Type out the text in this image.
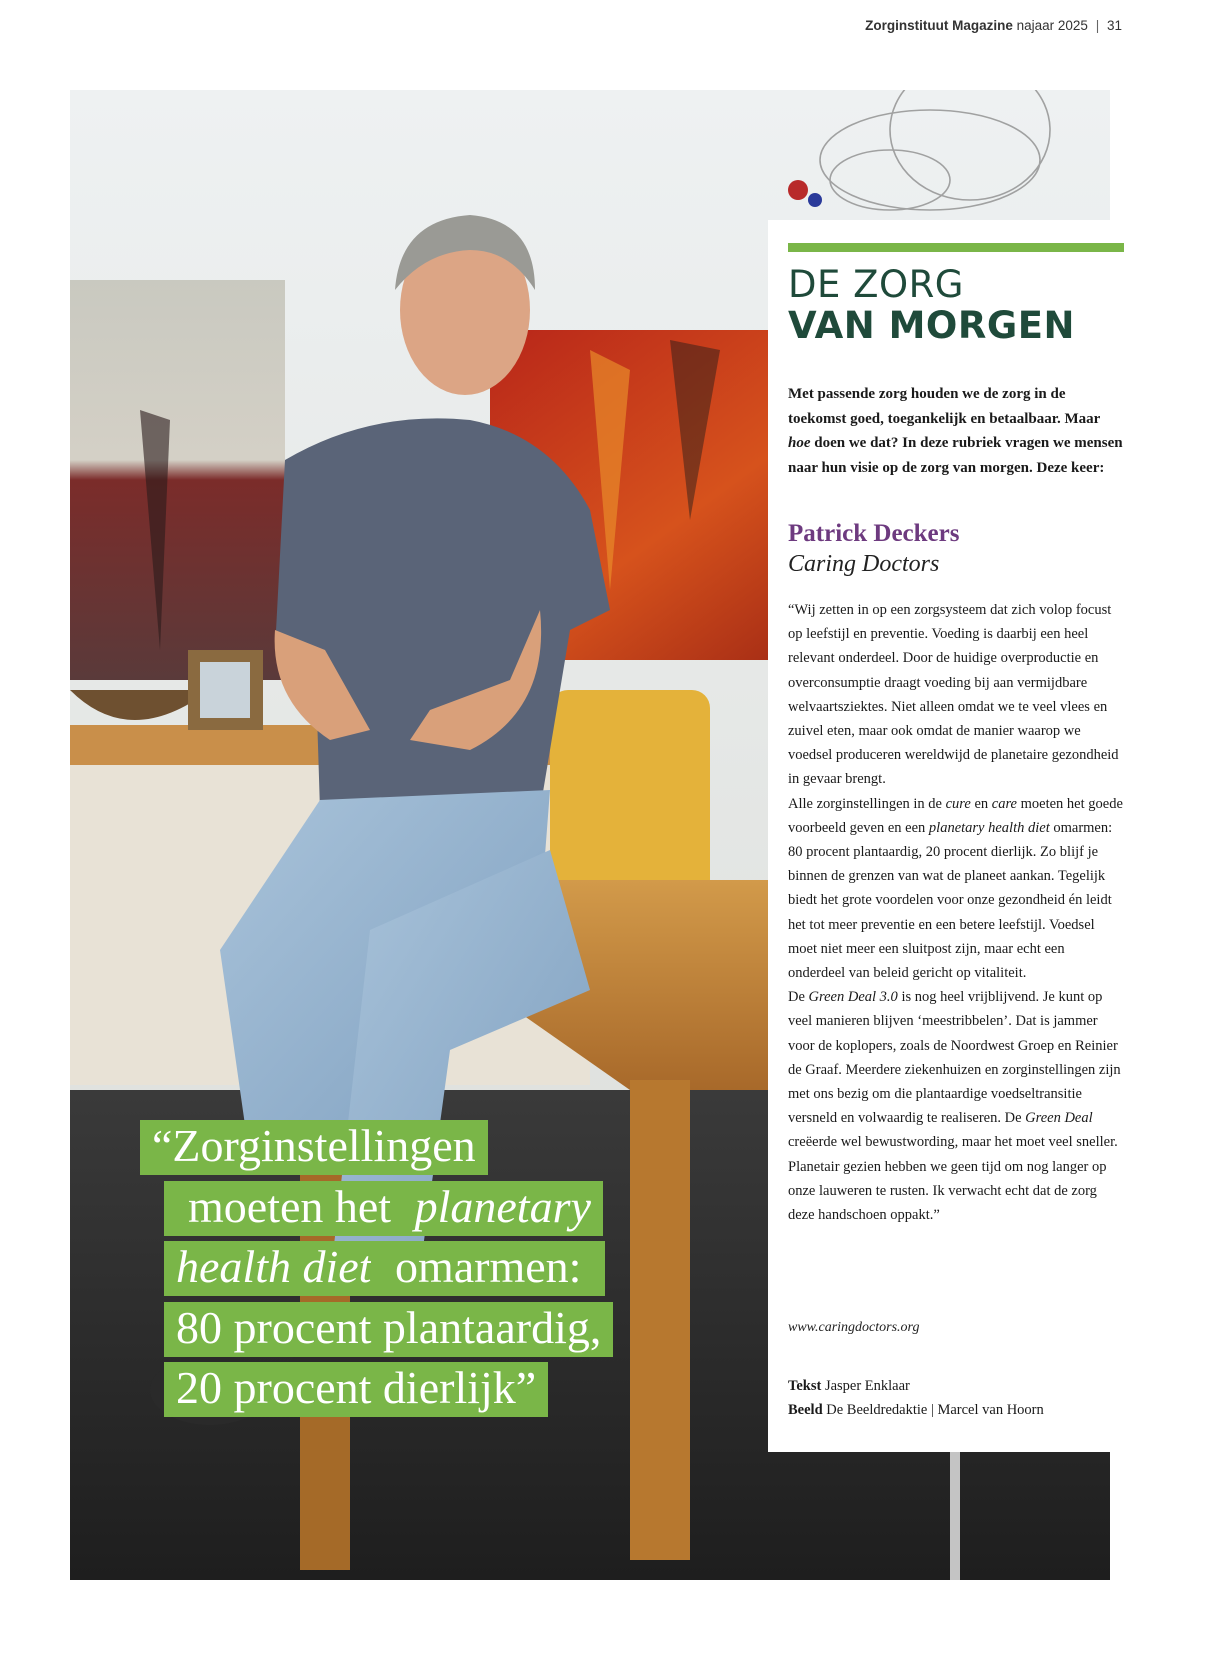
Zorginstituut Magazine najaar 2025 | 31
DE ZORG
VAN MORGEN
Met passende zorg houden we de zorg in de toekomst goed, toegankelijk en betaalbaar. Maar hoe doen we dat? In deze rubriek vragen we mensen naar hun visie op de zorg van morgen. Deze keer:
Patrick Deckers
Caring Doctors

“Wij zetten in op een zorgsysteem dat zich volop focust op leefstijl en preventie. Voeding is daarbij een heel relevant onderdeel. Door de huidige overproductie en overconsumptie draagt voeding bij aan vermijdbare welvaartsziektes. Niet alleen omdat we te veel vlees en zuivel eten, maar ook omdat de manier waarop we voedsel produceren wereldwijd de planetaire gezondheid in gevaar brengt.

Alle zorginstellingen in de cure en care moeten het goede voorbeeld geven en een planetary health diet omarmen: 80 procent plantaardig, 20 procent dierlijk. Zo blijf je binnen de grenzen van wat de planeet aankan. Tegelijk biedt het grote voordelen voor onze gezondheid én leidt het tot meer preventie en een betere leefstijl. Voedsel moet niet meer een sluitpost zijn, maar echt een onderdeel van beleid gericht op vitaliteit.

De Green Deal 3.0 is nog heel vrijblijvend. Je kunt op veel manieren blijven ‘meestribbelen’. Dat is jammer voor de koplopers, zoals de Noordwest Groep en Reinier de Graaf. Meerdere ziekenhuizen en zorginstellingen zijn met ons bezig om die plantaardige voedseltransitie versneld en volwaardig te realiseren. De Green Deal creëerde wel bewustwording, maar het moet veel sneller. Planetair gezien hebben we geen tijd om nog langer op onze lauweren te rusten. Ik verwacht echt dat de zorg deze handschoen oppakt.”

www.caringdoctors.org
Tekst Jasper Enklaar
Beeld De Beeldredaktie | Marcel van Hoorn
“Zorginstellingen
moeten het planetary
health diet omarmen:
80 procent plantaardig,
20 procent dierlijk”
